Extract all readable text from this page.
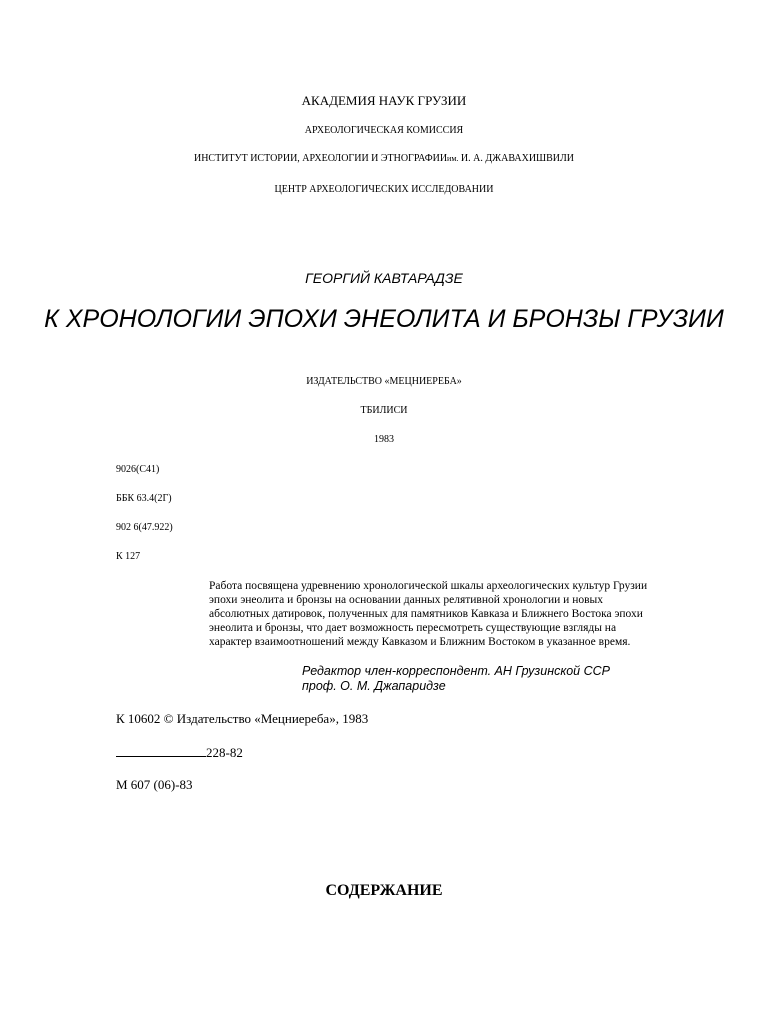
АКАДЕМИЯ НАУК ГРУЗИИ
АРХЕОЛОГИЧЕСКАЯ КОМИССИЯ
ИНСТИТУТ ИСТОРИИ, АРХЕОЛОГИИ И ЭТНОГРАФИИим. И. А. ДЖАВАХИШВИЛИ
ЦЕНТР АРХЕОЛОГИЧЕСКИХ ИССЛЕДОВАНИИ
ГЕОРГИЙ КАВТАРАДЗЕ
К ХРОНОЛОГИИ ЭПОХИ ЭНЕОЛИТА И БРОНЗЫ ГРУЗИИ
ИЗДАТЕЛЬСТВО «МЕЦНИЕРЕБА»
ТБИЛИСИ
1983
9026(С41)
ББК 63.4(2Г)
902 6(47.922)
К 127
Работа посвящена удревнению хронологической шкалы археологических культур Грузии эпохи энеолита и бронзы на основании данных релятивной хронологии и новых абсолютных датировок, полученных для памятников Кавказа и Ближнего Востока эпохи энеолита и бронзы, что дает возможность пересмотреть существующие взгляды на характер взаимоотношений между Кавказом и Ближним Востоком в указанное время.
Редактор член-корреспондент. АН Грузинской ССР
проф. О. М. Джапаридзе
К 10602 © Издательство «Мецниереба», 1983
228-82
М 607 (06)-83
СОДЕРЖАНИЕ
